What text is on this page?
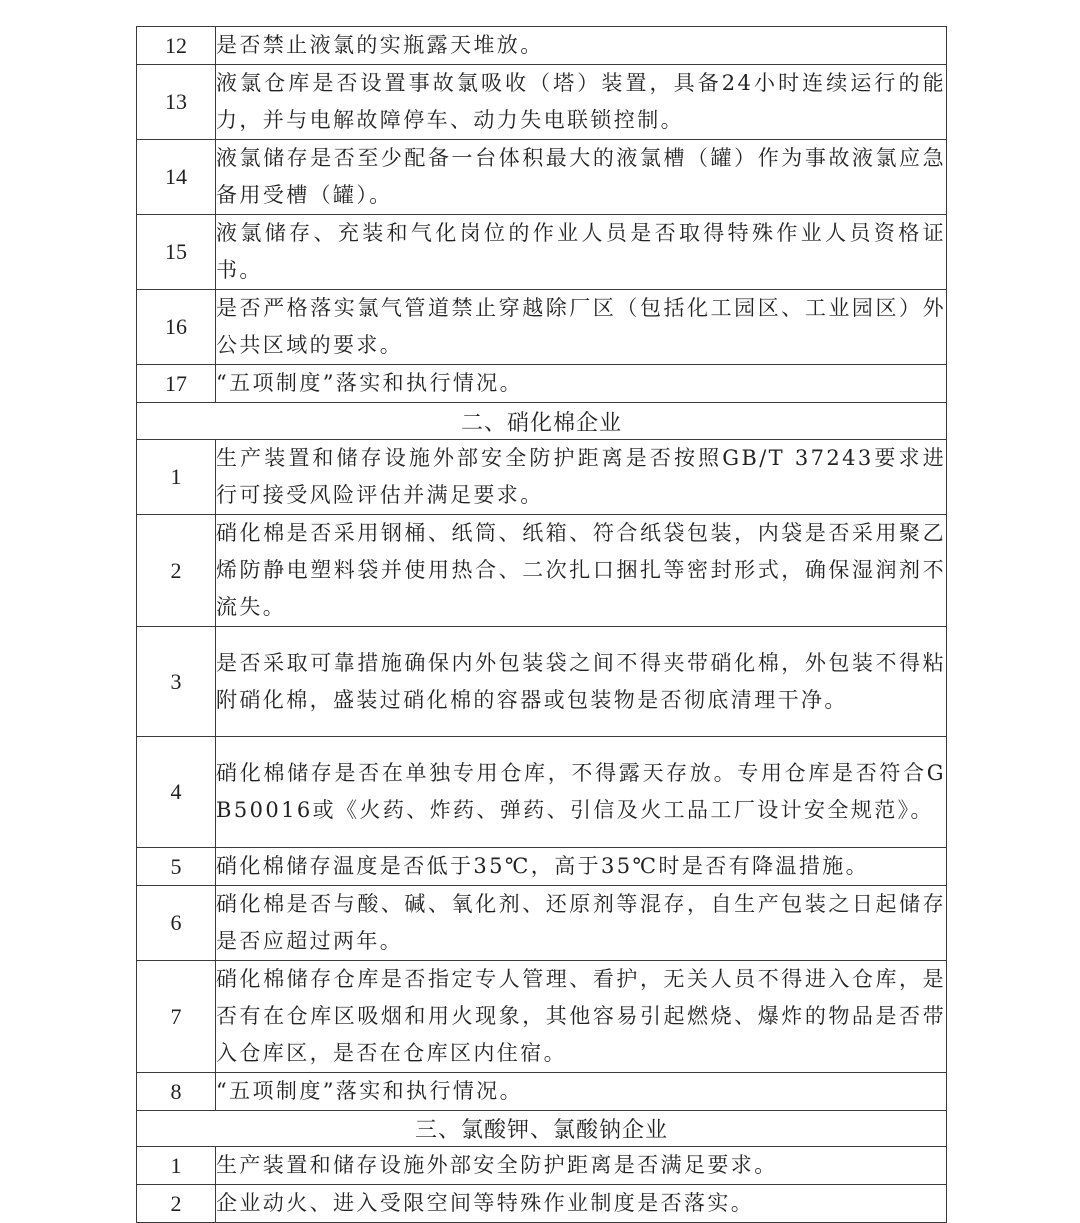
12	是否禁止液氯的实瓶露天堆放。
13	液氯仓库是否设置事故氯吸收（塔）装置，具备24小时连续运行的能力，并与电解故障停车、动力失电联锁控制。
14	液氯储存是否至少配备一台体积最大的液氯槽（罐）作为事故液氯应急备用受槽（罐）。
15	液氯储存、充装和气化岗位的作业人员是否取得特殊作业人员资格证书。
16	是否严格落实氯气管道禁止穿越除厂区（包括化工园区、工业园区）外公共区域的要求。
17	“五项制度”落实和执行情况。
二、硝化棉企业	
1	生产装置和储存设施外部安全防护距离是否按照GB/T 37243要求进行可接受风险评估并满足要求。
2	硝化棉是否采用钢桶、纸筒、纸箱、符合纸袋包装，内袋是否采用聚乙烯防静电塑料袋并使用热合、二次扎口捆扎等密封形式，确保湿润剂不流失。
3	是否采取可靠措施确保内外包装袋之间不得夹带硝化棉，外包装不得粘附硝化棉，盛装过硝化棉的容器或包装物是否彻底清理干净。
4	硝化棉储存是否在单独专用仓库，不得露天存放。专用仓库是否符合GB50016或《火药、炸药、弹药、引信及火工品工厂设计安全规范》。
5	硝化棉储存温度是否低于35℃，高于35℃时是否有降温措施。
6	硝化棉是否与酸、碱、氧化剂、还原剂等混存，自生产包装之日起储存是否应超过两年。
7	硝化棉储存仓库是否指定专人管理、看护，无关人员不得进入仓库，是否有在仓库区吸烟和用火现象，其他容易引起燃烧、爆炸的物品是否带入仓库区，是否在仓库区内住宿。
8	“五项制度”落实和执行情况。
三、氯酸钾、氯酸钠企业	
1	生产装置和储存设施外部安全防护距离是否满足要求。
2	企业动火、进入受限空间等特殊作业制度是否落实。
